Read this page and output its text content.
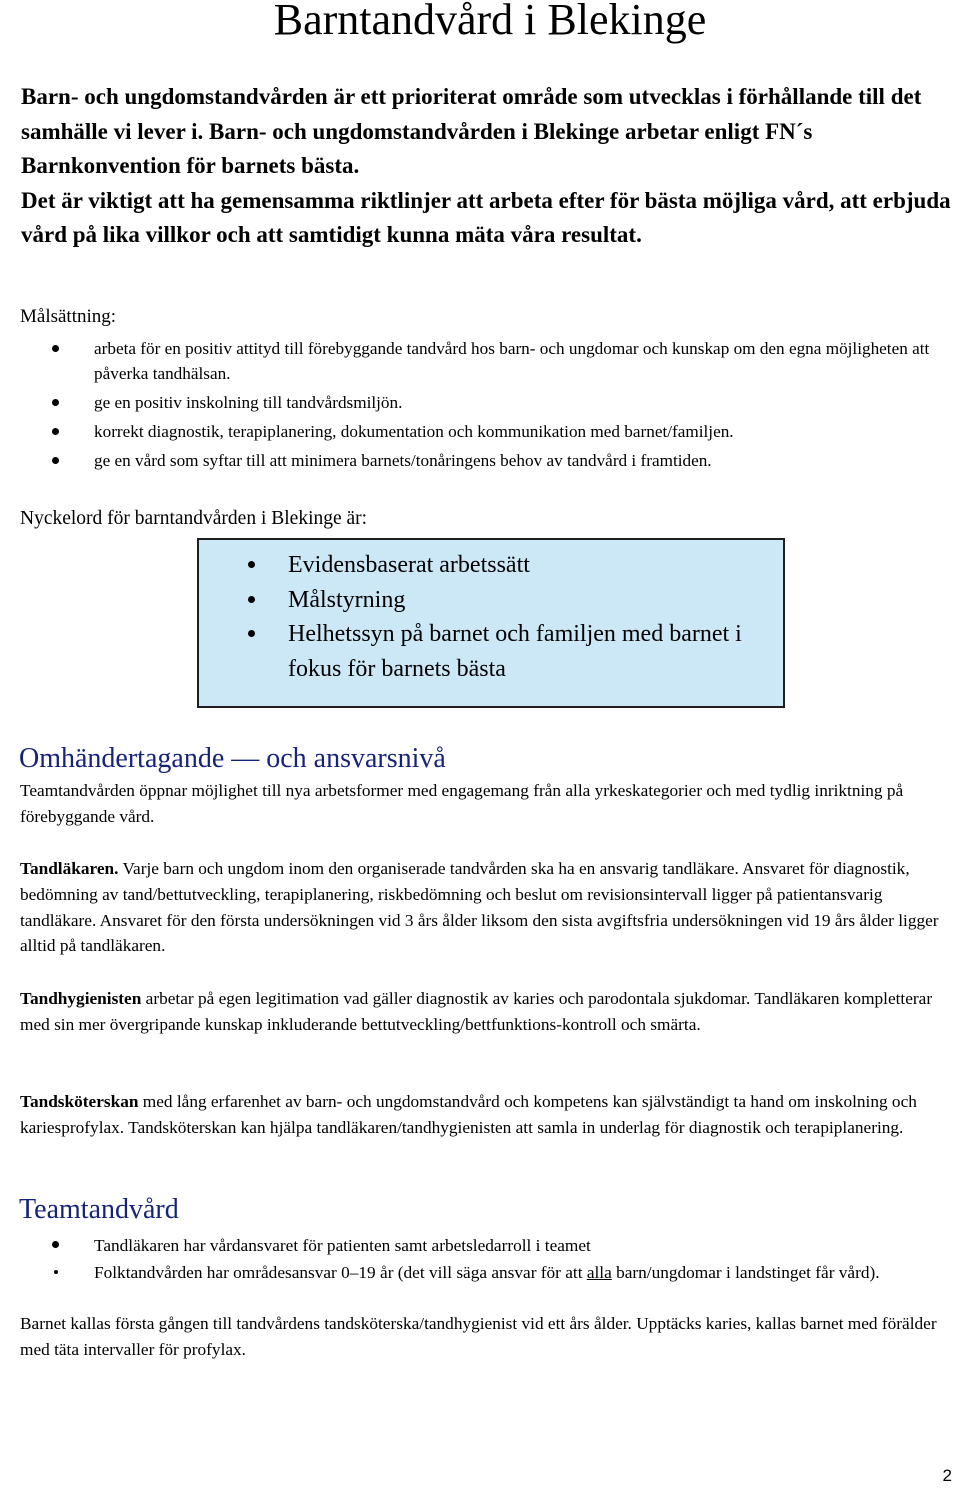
Barntandvård i Blekinge

Barn- och ungdomstandvården är ett prioriterat område som utvecklas i förhållande till det samhälle vi lever i. Barn- och ungdomstandvården i Blekinge arbetar enligt FN´s Barnkonvention för barnets bästa.

Det är viktigt att ha gemensamma riktlinjer att arbeta efter för bästa möjliga vård, att erbjuda vård på lika villkor och att samtidigt kunna mäta våra resultat.

Målsättning:
arbeta för en positiv attityd till förebyggande tandvård hos barn- och ungdomar och kunskap om den egna möjligheten att påverka tandhälsan.
ge en positiv inskolning till tandvårdsmiljön.
korrekt diagnostik, terapiplanering, dokumentation och kommunikation med barnet/familjen.
ge en vård som syftar till att minimera barnets/tonåringens behov av tandvård i framtiden.
Nyckelord för barntandvården i Blekinge är:
Evidensbaserat arbetssätt
Målstyrning
Helhetssyn på barnet och familjen med barnet i fokus för barnets bästa
Omhändertagande — och ansvarsnivå
Teamtandvården öppnar möjlighet till nya arbetsformer med engagemang från alla yrkeskategorier och med tydlig inriktning på förebyggande vård.
Tandläkaren. Varje barn och ungdom inom den organiserade tandvården ska ha en ansvarig tandläkare. Ansvaret för diagnostik, bedömning av tand/bettutveckling, terapiplanering, riskbedömning och beslut om revisionsintervall ligger på patientansvarig tandläkare. Ansvaret för den första undersökningen vid 3 års ålder liksom den sista avgiftsfria undersökningen vid 19 års ålder ligger alltid på tandläkaren.
Tandhygienisten arbetar på egen legitimation vad gäller diagnostik av karies och parodontala sjukdomar. Tandläkaren kompletterar med sin mer övergripande kunskap inkluderande bettutveckling/bettfunktions-kontroll och smärta.
Tandsköterskan med lång erfarenhet av barn- och ungdomstandvård och kompetens kan självständigt ta hand om inskolning och kariesprofylax. Tandsköterskan kan hjälpa tandläkaren/tandhygienisten att samla in underlag för diagnostik och terapiplanering.
Teamtandvård
Tandläkaren har vårdansvaret för patienten samt arbetsledarroll i teamet
Folktandvården har områdesansvar 0–19 år (det vill säga ansvar för att alla barn/ungdomar i landstinget får vård).
Barnet kallas första gången till tandvårdens tandsköterska/tandhygienist vid ett års ålder. Upptäcks karies, kallas barnet med förälder med täta intervaller för profylax.
2
